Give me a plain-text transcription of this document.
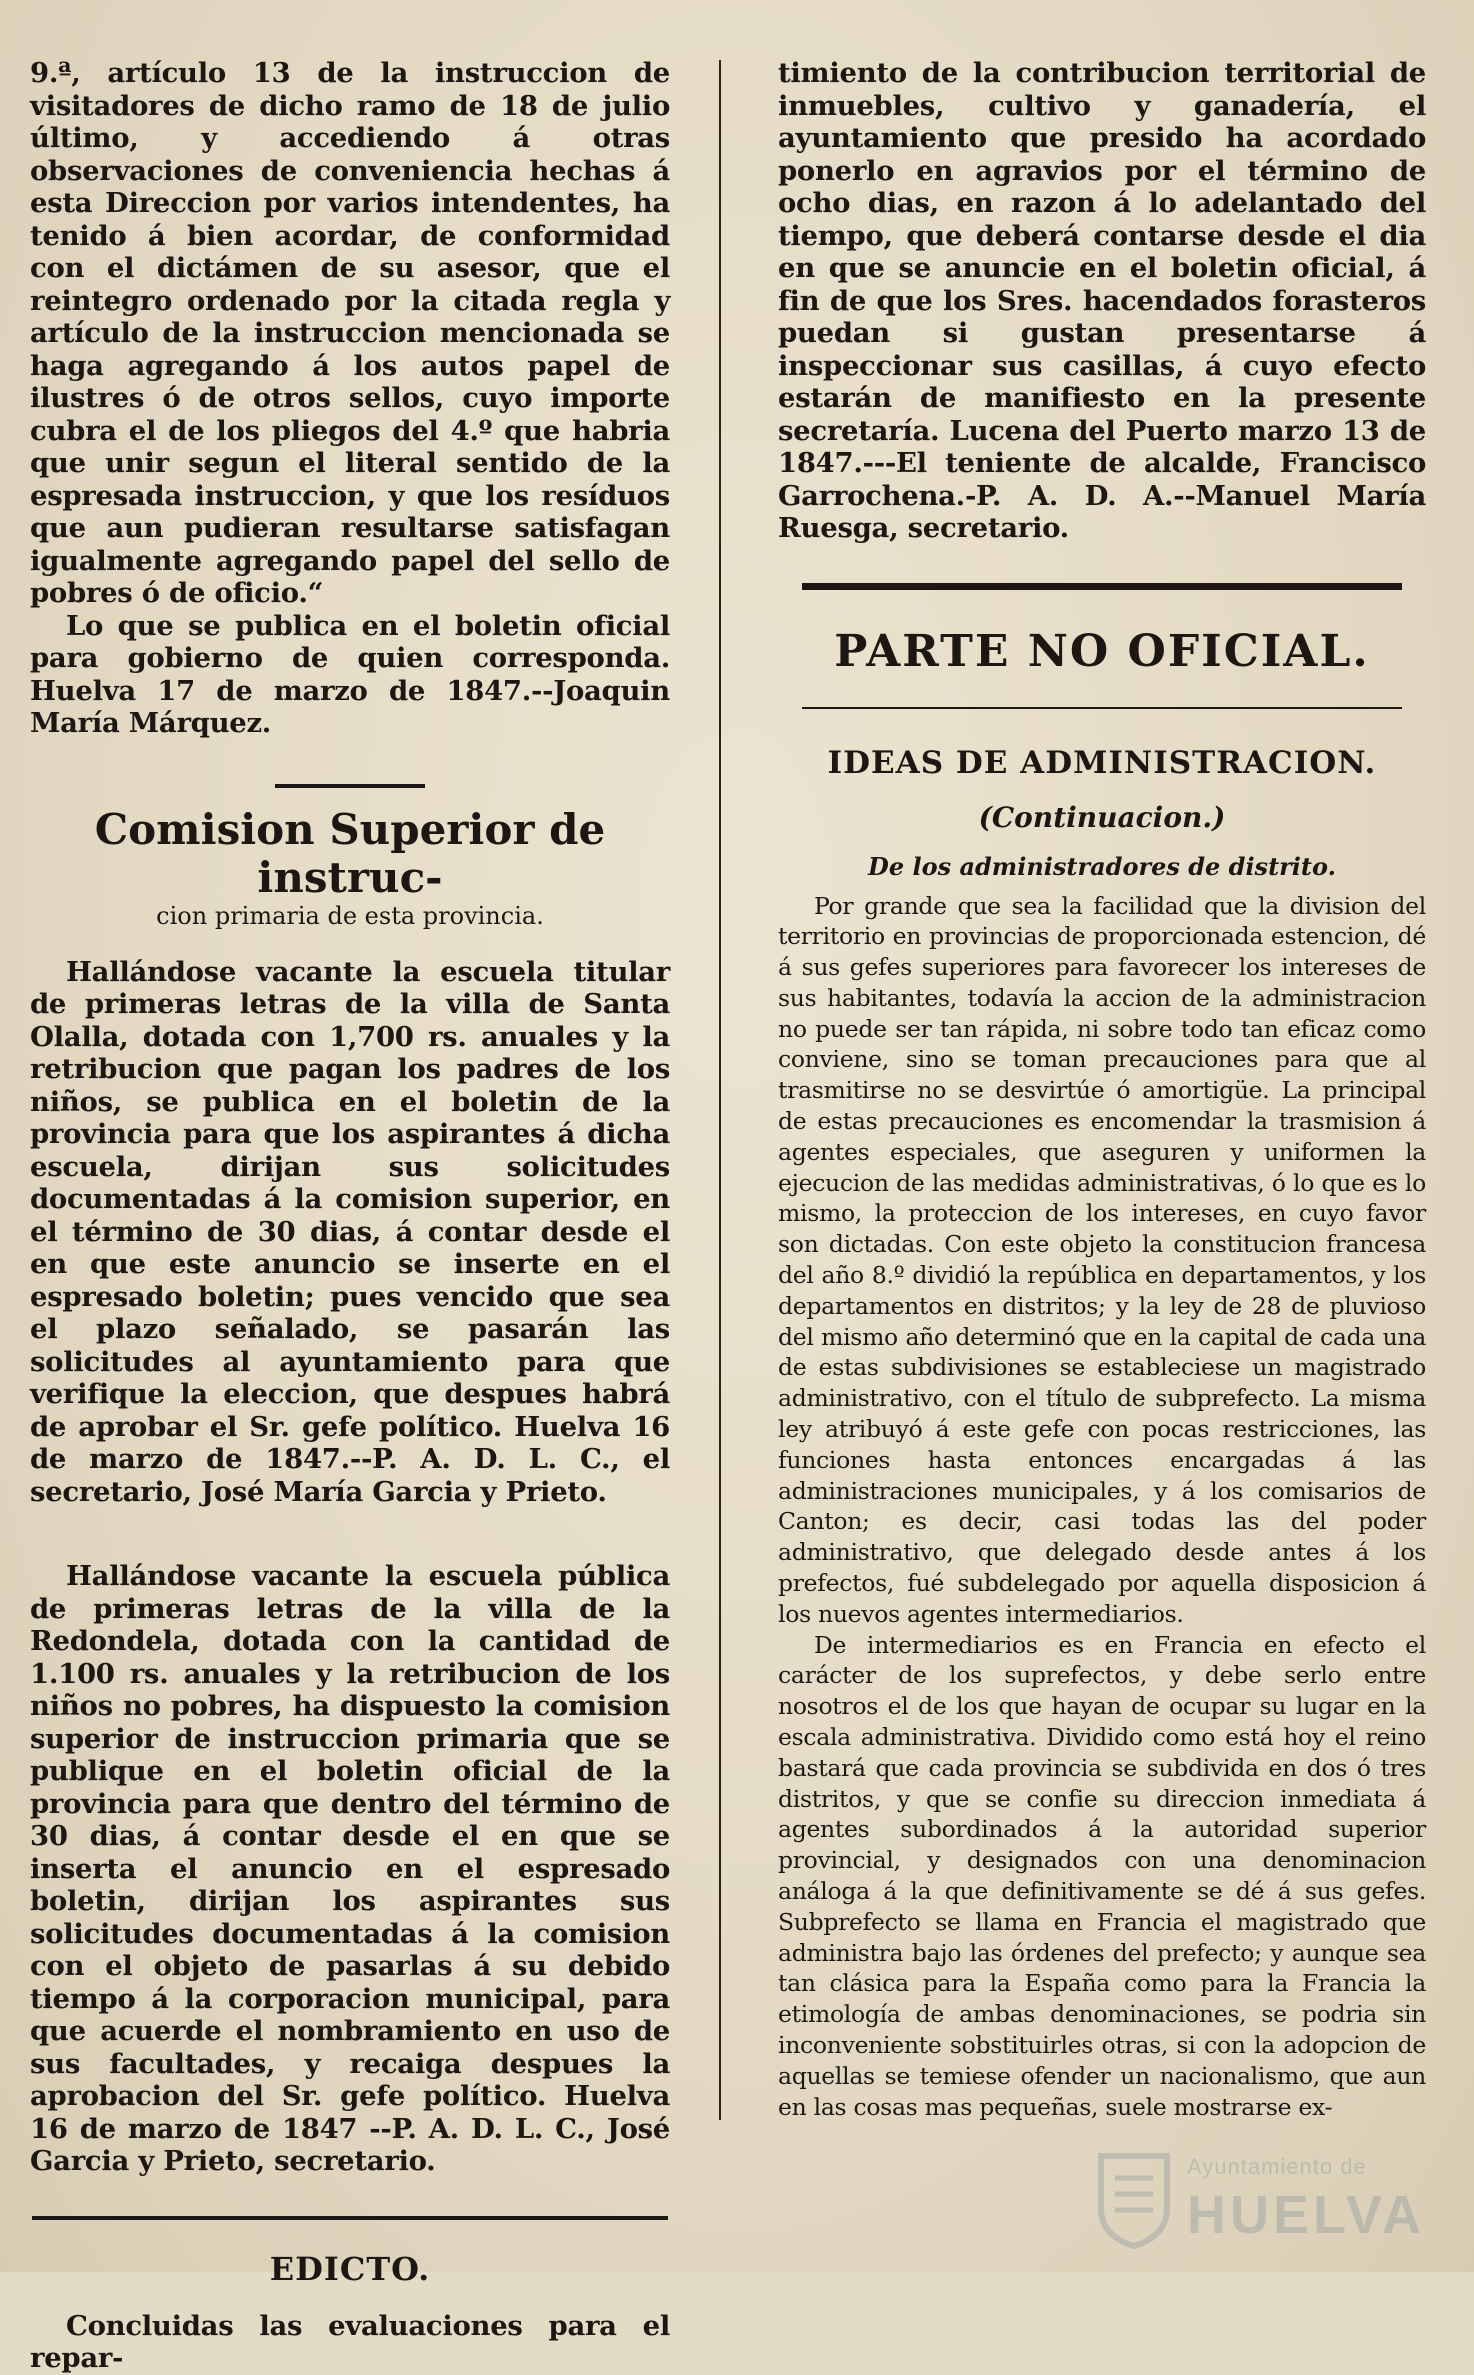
9.ª, artículo 13 de la instruccion de visitadores de dicho ramo de 18 de julio último, y accediendo á otras observaciones de conveniencia hechas á esta Direccion por varios intendentes, ha tenido á bien acordar, de conformidad con el dictámen de su asesor, que el reintegro ordenado por la citada regla y artículo de la instruccion mencionada se haga agregando á los autos papel de ilustres ó de otros sellos, cuyo importe cubra el de los pliegos del 4.º que habria que unir segun el literal sentido de la espresada instruccion, y que los resíduos que aun pudieran resultarse satisfagan igualmente agregando papel del sello de pobres ó de oficio.“

Lo que se publica en el boletin oficial para gobierno de quien corresponda. Huelva 17 de marzo de 1847.--Joaquin María Márquez.

Comision Superior de instruc-

cion primaria de esta provincia.

Hallándose vacante la escuela titular de primeras letras de la villa de Santa Olalla, dotada con 1,700 rs. anuales y la retribucion que pagan los padres de los niños, se publica en el boletin de la provincia para que los aspirantes á dicha escuela, dirijan sus solicitudes documentadas á la comision superior, en el término de 30 dias, á contar desde el en que este anuncio se inserte en el espresado boletin; pues vencido que sea el plazo señalado, se pasarán las solicitudes al ayuntamiento para que verifique la eleccion, que despues habrá de aprobar el Sr. gefe político. Huelva 16 de marzo de 1847.--P. A. D. L. C., el secretario, José María Garcia y Prieto.

Hallándose vacante la escuela pública de primeras letras de la villa de la Redondela, dotada con la cantidad de 1.100 rs. anuales y la retribucion de los niños no pobres, ha dispuesto la comision superior de instruccion primaria que se publique en el boletin oficial de la provincia para que dentro del término de 30 dias, á contar desde el en que se inserta el anuncio en el espresado boletin, dirijan los aspirantes sus solicitudes documentadas á la comision con el objeto de pasarlas á su debido tiempo á la corporacion municipal, para que acuerde el nombramiento en uso de sus facultades, y recaiga despues la aprobacion del Sr. gefe político. Huelva 16 de marzo de 1847 --P. A. D. L. C., José Garcia y Prieto, secretario.

EDICTO.

Concluidas las evaluaciones para el repar-

timiento de la contribucion territorial de inmuebles, cultivo y ganadería, el ayuntamiento que presido ha acordado ponerlo en agravios por el término de ocho dias, en razon á lo adelantado del tiempo, que deberá contarse desde el dia en que se anuncie en el boletin oficial, á fin de que los Sres. hacendados forasteros puedan si gustan presentarse á inspeccionar sus casillas, á cuyo efecto estarán de manifiesto en la presente secretaría. Lucena del Puerto marzo 13 de 1847.---El teniente de alcalde, Francisco Garrochena.-P. A. D. A.--Manuel María Ruesga, secretario.

PARTE NO OFICIAL.

IDEAS DE ADMINISTRACION.

(Continuacion.)

De los administradores de distrito.

Por grande que sea la facilidad que la division del territorio en provincias de proporcionada estencion, dé á sus gefes superiores para favorecer los intereses de sus habitantes, todavía la accion de la administracion no puede ser tan rápida, ni sobre todo tan eficaz como conviene, sino se toman precauciones para que al trasmitirse no se desvirtúe ó amortigüe. La principal de estas precauciones es encomendar la trasmision á agentes especiales, que aseguren y uniformen la ejecucion de las medidas administrativas, ó lo que es lo mismo, la proteccion de los intereses, en cuyo favor son dictadas. Con este objeto la constitucion francesa del año 8.º dividió la república en departamentos, y los departamentos en distritos; y la ley de 28 de pluvioso del mismo año determinó que en la capital de cada una de estas subdivisiones se estableciese un magistrado administrativo, con el título de subprefecto. La misma ley atribuyó á este gefe con pocas restricciones, las funciones hasta entonces encargadas á las administraciones municipales, y á los comisarios de Canton; es decir, casi todas las del poder administrativo, que delegado desde antes á los prefectos, fué subdelegado por aquella disposicion á los nuevos agentes intermediarios.

De intermediarios es en Francia en efecto el carácter de los suprefectos, y debe serlo entre nosotros el de los que hayan de ocupar su lugar en la escala administrativa. Dividido como está hoy el reino bastará que cada provincia se subdivida en dos ó tres distritos, y que se confie su direccion inmediata á agentes subordinados á la autoridad superior provincial, y designados con una denominacion análoga á la que definitivamente se dé á sus gefes. Subprefecto se llama en Francia el magistrado que administra bajo las órdenes del prefecto; y aunque sea tan clásica para la España como para la Francia la etimología de ambas denominaciones, se podria sin inconveniente sobstituirles otras, si con la adopcion de aquellas se temiese ofender un nacionalismo, que aun en las cosas mas pequeñas, suele mostrarse ex-

Ayuntamiento de
HUELVA
